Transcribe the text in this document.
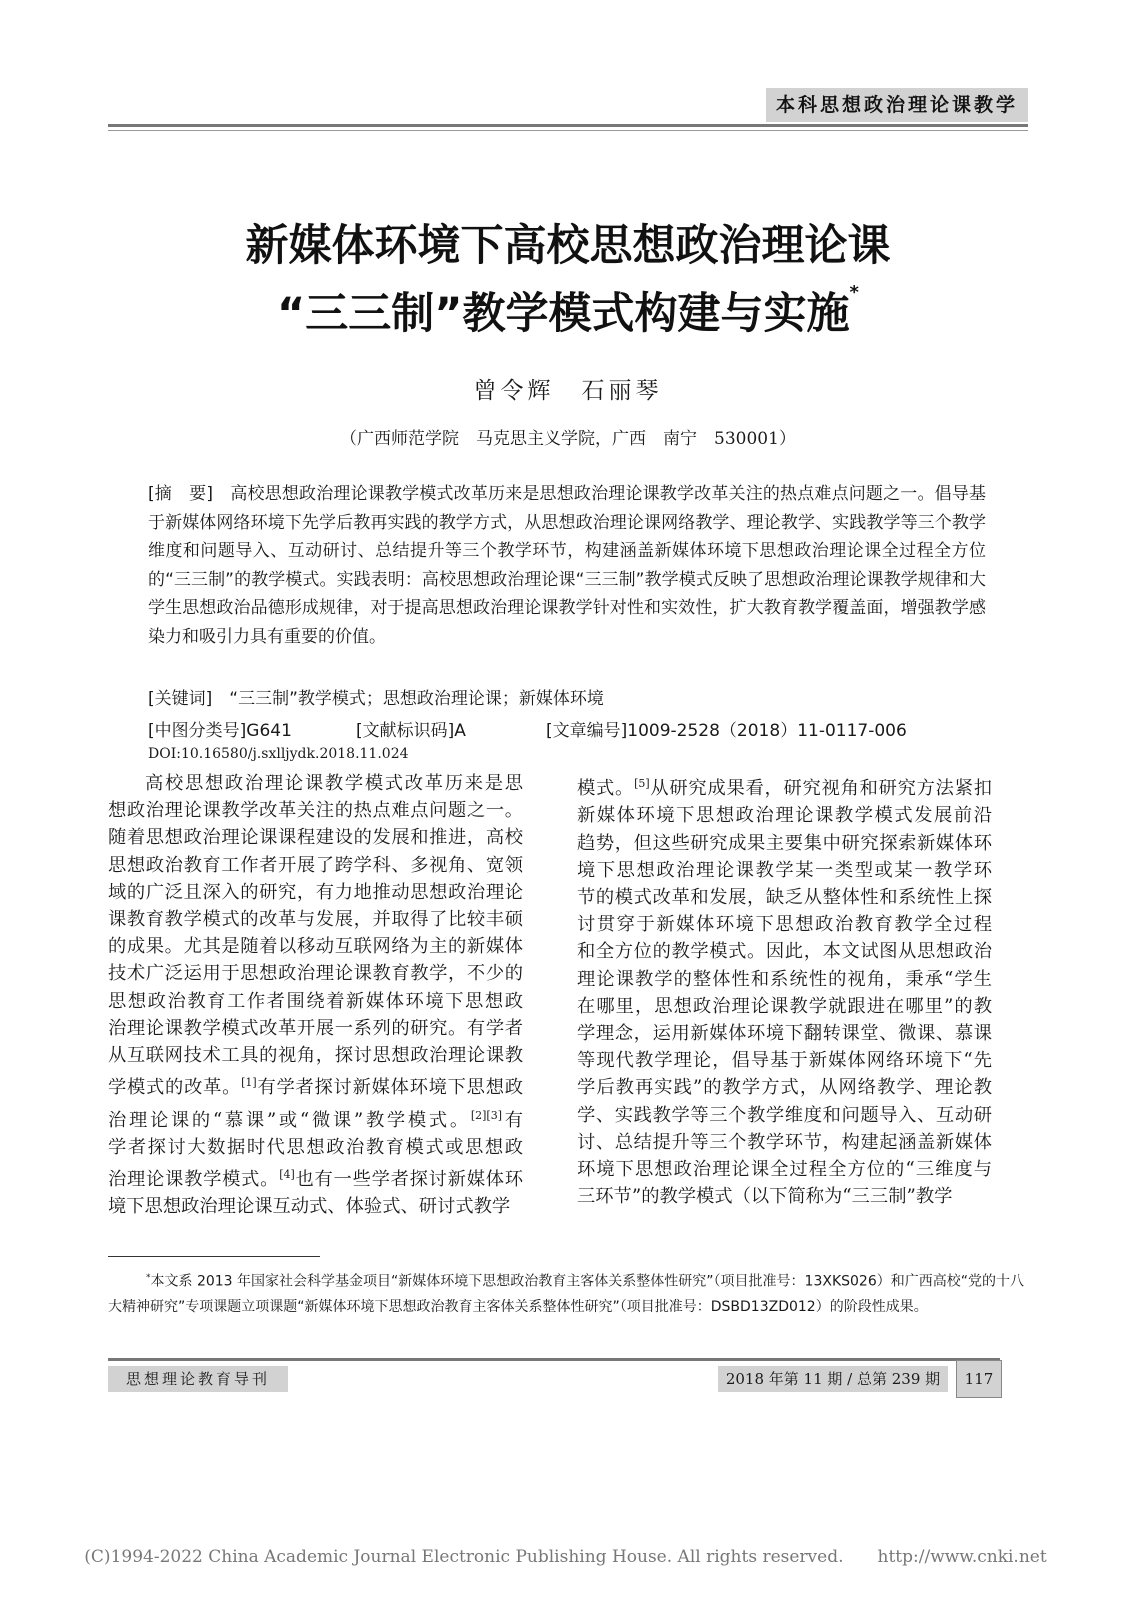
本科思想政治理论课教学
新媒体环境下高校思想政治理论课
“三三制”教学模式构建与实施*
曾令辉　石丽琴
（广西师范学院　马克思主义学院，广西　南宁　530001）
[摘　要]　 高校思想政治理论课教学模式改革历来是思想政治理论课教学改革关注的热点难点问题之一。倡导基于新媒体网络环境下先学后教再实践的教学方式，从思想政治理论课网络教学、理论教学、实践教学等三个教学维度和问题导入、互动研讨、总结提升等三个教学环节，构建涵盖新媒体环境下思想政治理论课全过程全方位的“三三制”的教学模式。实践表明：高校思想政治理论课“三三制”教学模式反映了思想政治理论课教学规律和大学生思想政治品德形成规律，对于提高思想政治理论课教学针对性和实效性，扩大教育教学覆盖面，增强教学感染力和吸引力具有重要的价值。
[关键词]　 “三三制”教学模式；思想政治理论课；新媒体环境
[中图分类号]G641	[文献标识码]A	[文章编号]1009-2528（2018）11-0117-006
DOI:10.16580/j.sxlljydk.2018.11.024
高校思想政治理论课教学模式改革历来是思
想政治理论课教学改革关注的热点难点问题之一。
随着思想政治理论课课程建设的发展和推进，高校
思想政治教育工作者开展了跨学科、多视角、宽领
域的广泛且深入的研究，有力地推动思想政治理论
课教育教学模式的改革与发展，并取得了比较丰硕
的成果。尤其是随着以移动互联网络为主的新媒体
技术广泛运用于思想政治理论课教育教学，不少的
思想政治教育工作者围绕着新媒体环境下思想政
治理论课教学模式改革开展一系列的研究。有学者
从互联网技术工具的视角，探讨思想政治理论课教
学模式的改革。[1]有学者探讨新媒体环境下思想政
治理论课的“慕课”或“微课”教学模式。[2][3]有
学者探讨大数据时代思想政治教育模式或思想政
治理论课教学模式。[4]也有一些学者探讨新媒体环
境下思想政治理论课互动式、体验式、研讨式教学
模式。[5]从研究成果看，研究视角和研究方法紧扣
新媒体环境下思想政治理论课教学模式发展前沿
趋势，但这些研究成果主要集中研究探索新媒体环
境下思想政治理论课教学某一类型或某一教学环
节的模式改革和发展，缺乏从整体性和系统性上探
讨贯穿于新媒体环境下思想政治教育教学全过程
和全方位的教学模式。因此，本文试图从思想政治
理论课教学的整体性和系统性的视角，秉承“学生
在哪里，思想政治理论课教学就跟进在哪里”的教
学理念，运用新媒体环境下翻转课堂、微课、慕课
等现代教学理论，倡导基于新媒体网络环境下“先
学后教再实践”的教学方式，从网络教学、理论教
学、实践教学等三个教学维度和问题导入、互动研
讨、总结提升等三个教学环节，构建起涵盖新媒体
环境下思想政治理论课全过程全方位的“三维度与
三环节”的教学模式（以下简称为“三三制”教学
*本文系 2013 年国家社会科学基金项目“新媒体环境下思想政治教育主客体关系整体性研究”（项目批准号：13XKS026）和广西高校“党的十八大精神研究”专项课题立项课题“新媒体环境下思想政治教育主客体关系整体性研究”（项目批准号：DSBD13ZD012）的阶段性成果。
思想理论教育导刊	2018 年第 11 期 / 总第 239 期	117
(C)1994-2022 China Academic Journal Electronic Publishing House. All rights reserved.　　http://www.cnki.net
